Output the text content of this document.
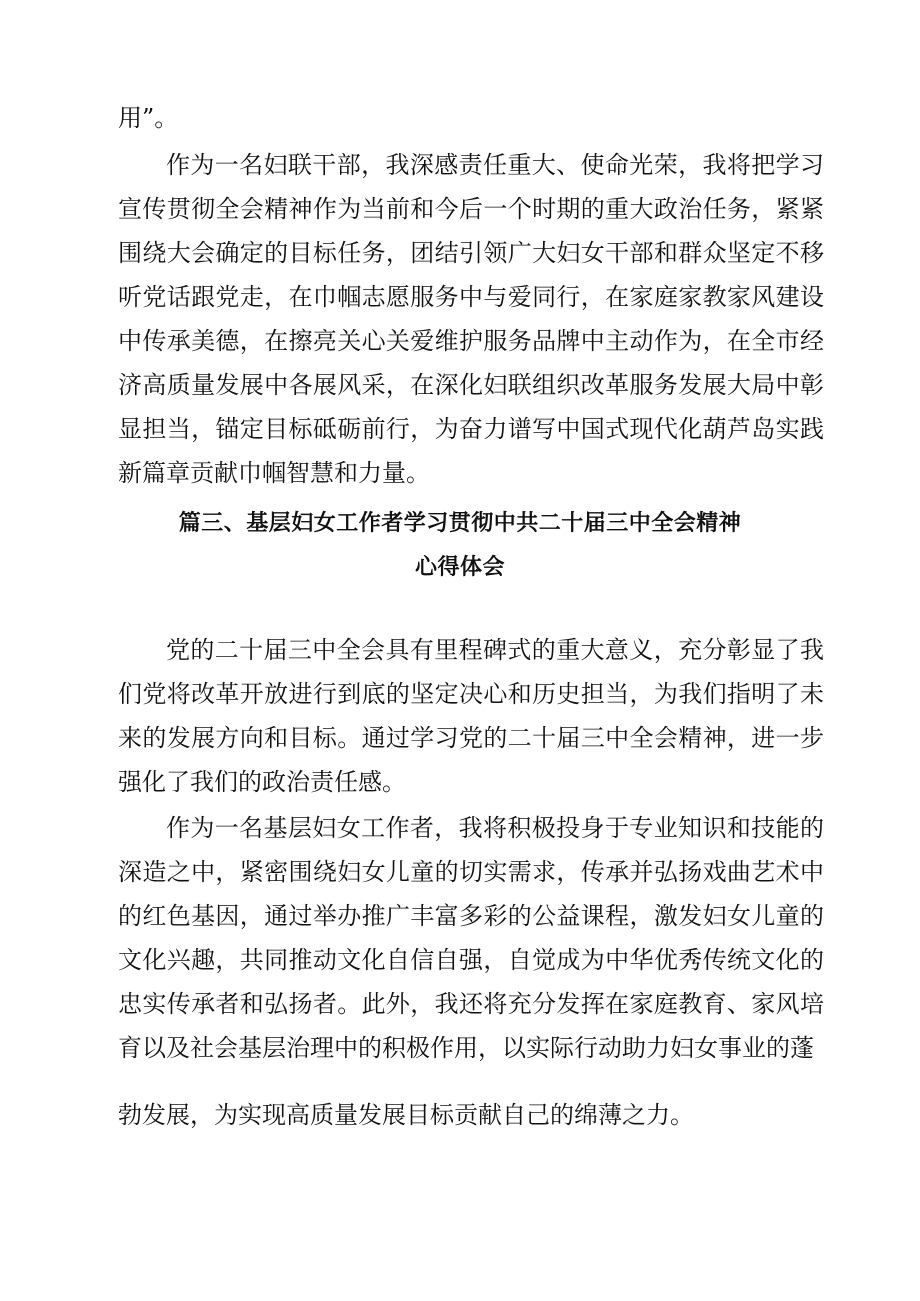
用”。

作为一名妇联干部，我深感责任重大、使命光荣，我将把学习宣传贯彻全会精神作为当前和今后一个时期的重大政治任务，紧紧围绕大会确定的目标任务，团结引领广大妇女干部和群众坚定不移听党话跟党走，在巾帼志愿服务中与爱同行，在家庭家教家风建设中传承美德，在擦亮关心关爱维护服务品牌中主动作为，在全市经济高质量发展中各展风采，在深化妇联组织改革服务发展大局中彰显担当，锚定目标砥砺前行，为奋力谱写中国式现代化葫芦岛实践新篇章贡献巾帼智慧和力量。

篇三、基层妇女工作者学习贯彻中共二十届三中全会精神
心得体会

党的二十届三中全会具有里程碑式的重大意义，充分彰显了我们党将改革开放进行到底的坚定决心和历史担当，为我们指明了未来的发展方向和目标。通过学习党的二十届三中全会精神，进一步强化了我们的政治责任感。

作为一名基层妇女工作者，我将积极投身于专业知识和技能的深造之中，紧密围绕妇女儿童的切实需求，传承并弘扬戏曲艺术中的红色基因，通过举办推广丰富多彩的公益课程，激发妇女儿童的文化兴趣，共同推动文化自信自强，自觉成为中华优秀传统文化的忠实传承者和弘扬者。此外，我还将充分发挥在家庭教育、家风培育以及社会基层治理中的积极作用，以实际行动助力妇女事业的蓬

勃发展，为实现高质量发展目标贡献自己的绵薄之力。
